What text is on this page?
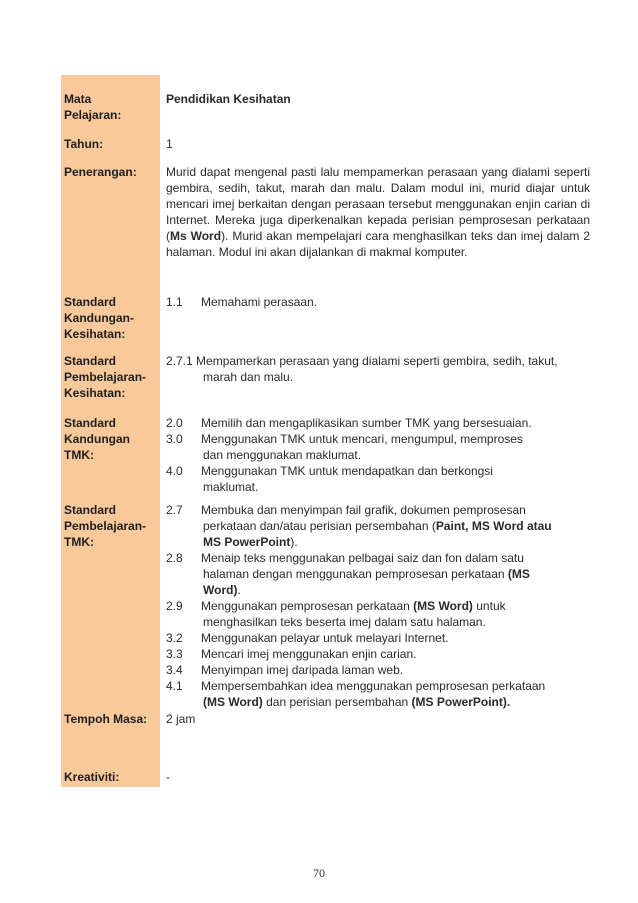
Mata
Pelajaran:
Pendidikan Kesihatan
Tahun:	1
Penerangan: Murid dapat mengenal pasti lalu mempamerkan perasaan yang dialami seperti gembira, sedih, takut, marah dan malu. Dalam modul ini, murid diajar untuk mencari imej berkaitan dengan perasaan tersebut menggunakan enjin carian di Internet. Mereka juga diperkenalkan kepada perisian pemprosesan perkataan (Ms Word). Murid akan mempelajari cara menghasilkan teks dan imej dalam 2 halaman. Modul ini akan dijalankan di makmal komputer.
Standard
Kandungan-
Kesihatan:
1.1 Memahami perasaan.
Standard
Pembelajaran-
Kesihatan:
2.7.1 Mempamerkan perasaan yang dialami seperti gembira, sedih, takut,
marah dan malu.
Standard
Kandungan
TMK:
2.0 Memilih dan mengaplikasikan sumber TMK yang bersesuaian.
3.0 Menggunakan TMK untuk mencari, mengumpul, memproses
dan menggunakan maklumat.
4.0 Menggunakan TMK untuk mendapatkan dan berkongsi
maklumat.
Standard
Pembelajaran-
TMK:
2.7 Membuka dan menyimpan fail grafik, dokumen pemprosesan
perkataan dan/atau perisian persembahan (Paint, MS Word atau
MS PowerPoint).
2.8 Menaip teks menggunakan pelbagai saiz dan fon dalam satu
halaman dengan menggunakan pemprosesan perkataan (MS
Word).
2.9 Menggunakan pemprosesan perkataan (MS Word) untuk
menghasilkan teks beserta imej dalam satu halaman.
3.2 Menggunakan pelayar untuk melayari Internet.
3.3 Mencari imej menggunakan enjin carian.
3.4 Menyimpan imej daripada laman web.
4.1 Mempersembahkan idea menggunakan pemprosesan perkataan
(MS Word) dan perisian persembahan (MS PowerPoint).
Tempoh Masa: 2 jam
Kreativiti:	-
70
